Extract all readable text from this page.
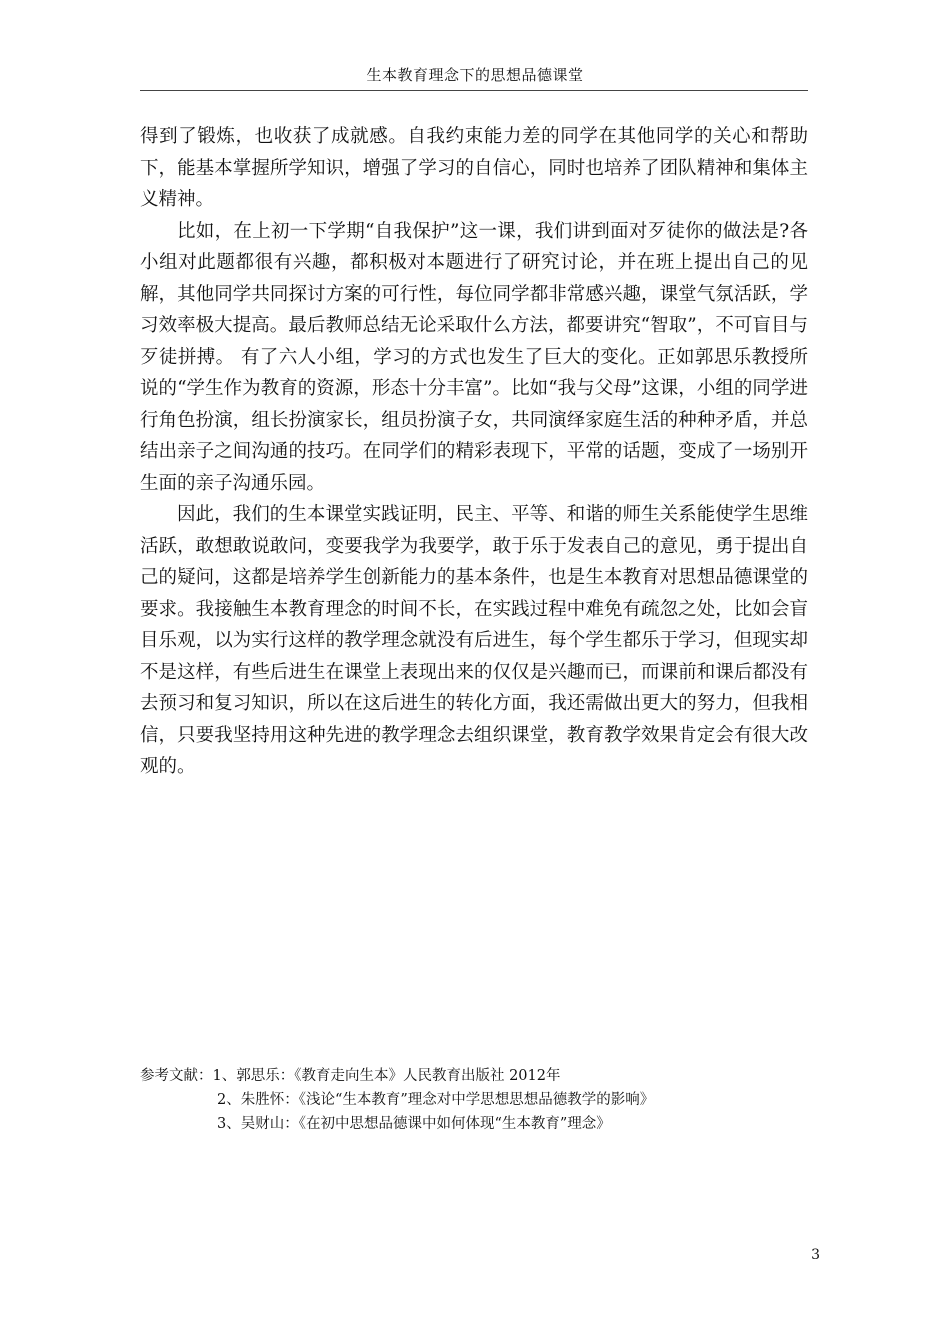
生本教育理念下的思想品德课堂

得到了锻炼，也收获了成就感。自我约束能力差的同学在其他同学的关心和帮助下，能基本掌握所学知识，增强了学习的自信心，同时也培养了团队精神和集体主义精神。

比如，在上初一下学期“自我保护”这一课，我们讲到面对歹徒你的做法是?各小组对此题都很有兴趣，都积极对本题进行了研究讨论，并在班上提出自己的见解，其他同学共同探讨方案的可行性，每位同学都非常感兴趣，课堂气氛活跃，学习效率极大提高。最后教师总结无论采取什么方法，都要讲究“智取”，不可盲目与歹徒拼搏。 有了六人小组，学习的方式也发生了巨大的变化。正如郭思乐教授所说的“学生作为教育的资源，形态十分丰富”。比如“我与父母”这课，小组的同学进行角色扮演，组长扮演家长，组员扮演子女，共同演绎家庭生活的种种矛盾，并总结出亲子之间沟通的技巧。在同学们的精彩表现下，平常的话题，变成了一场别开生面的亲子沟通乐园。

因此，我们的生本课堂实践证明，民主、平等、和谐的师生关系能使学生思维活跃，敢想敢说敢问，变要我学为我要学，敢于乐于发表自己的意见，勇于提出自己的疑问，这都是培养学生创新能力的基本条件，也是生本教育对思想品德课堂的要求。我接触生本教育理念的时间不长，在实践过程中难免有疏忽之处，比如会盲目乐观，以为实行这样的教学理念就没有后进生，每个学生都乐于学习，但现实却不是这样，有些后进生在课堂上表现出来的仅仅是兴趣而已，而课前和课后都没有去预习和复习知识，所以在这后进生的转化方面，我还需做出更大的努力，但我相信，只要我坚持用这种先进的教学理念去组织课堂，教育教学效果肯定会有很大改观的。

参考文献：1、郭思乐：《教育走向生本》人民教育出版社 2012年
2、朱胜怀：《浅论“生本教育”理念对中学思想思想品德教学的影响》
3、吴财山：《在初中思想品德课中如何体现“生本教育”理念》
3
